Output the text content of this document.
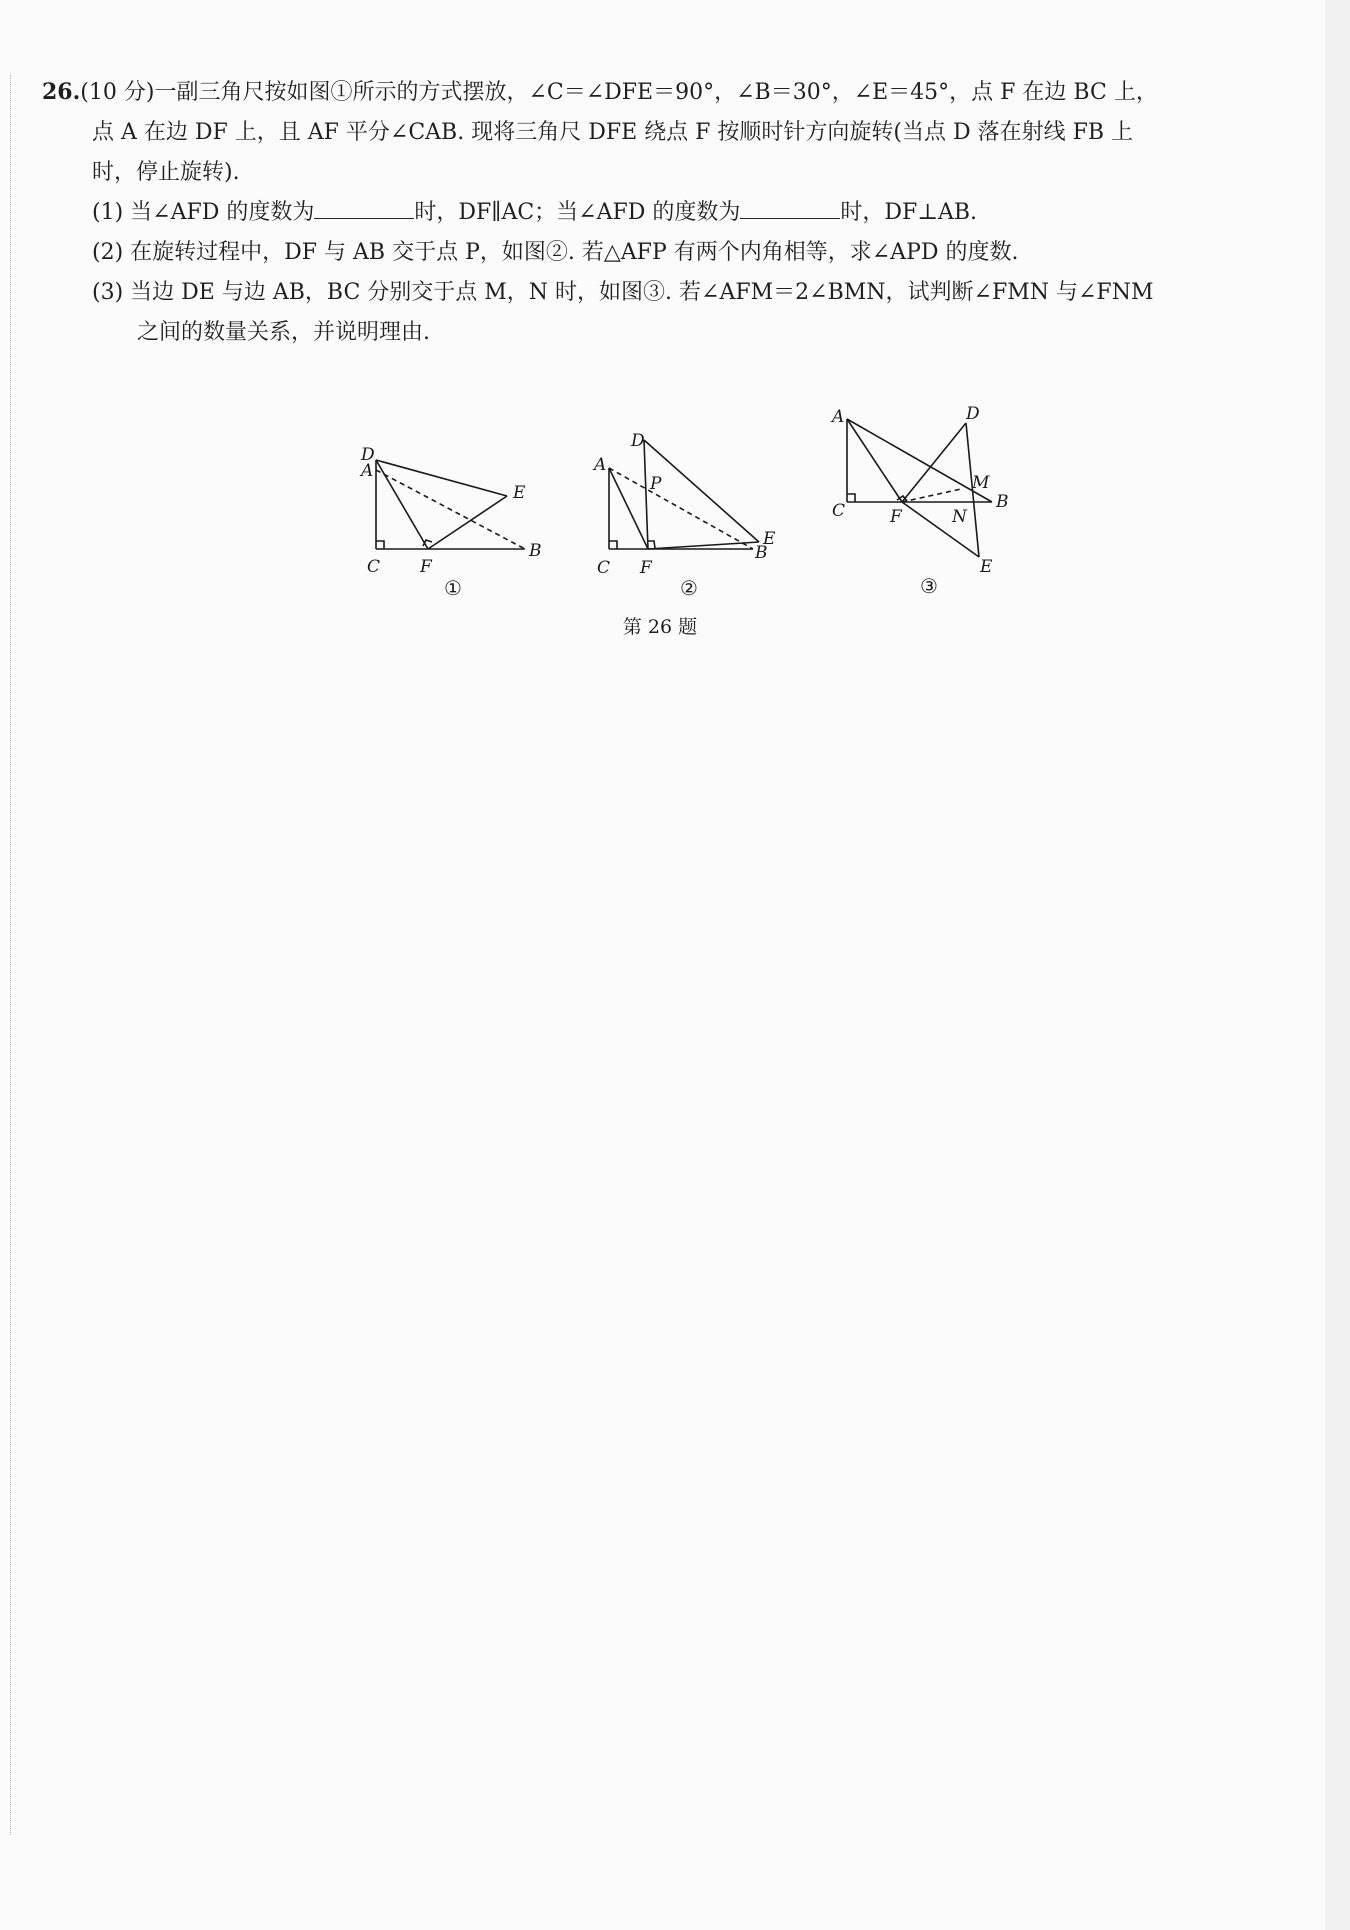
26.(10 分)一副三角尺按如图①所示的方式摆放，∠C＝∠DFE＝90°，∠B＝30°，∠E＝45°，点 F 在边 BC 上，
点 A 在边 DF 上，且 AF 平分∠CAB. 现将三角尺 DFE 绕点 F 按顺时针方向旋转(当点 D 落在射线 FB 上
时，停止旋转).
(1) 当∠AFD 的度数为	时，DF∥AC；当∠AFD 的度数为	时，DF⊥AB.
(2) 在旋转过程中，DF 与 AB 交于点 P，如图②. 若△AFP 有两个内角相等，求∠APD 的度数.
(3) 当边 DE 与边 AB，BC 分别交于点 M，N 时，如图③. 若∠AFM＝2∠BMN，试判断∠FMN 与∠FNM
之间的数量关系，并说明理由.
D
A
E
C F
B
①
D
A
P
E
C F
B
②
A	D
M
C	F	N
B
E
③
第 26 题
